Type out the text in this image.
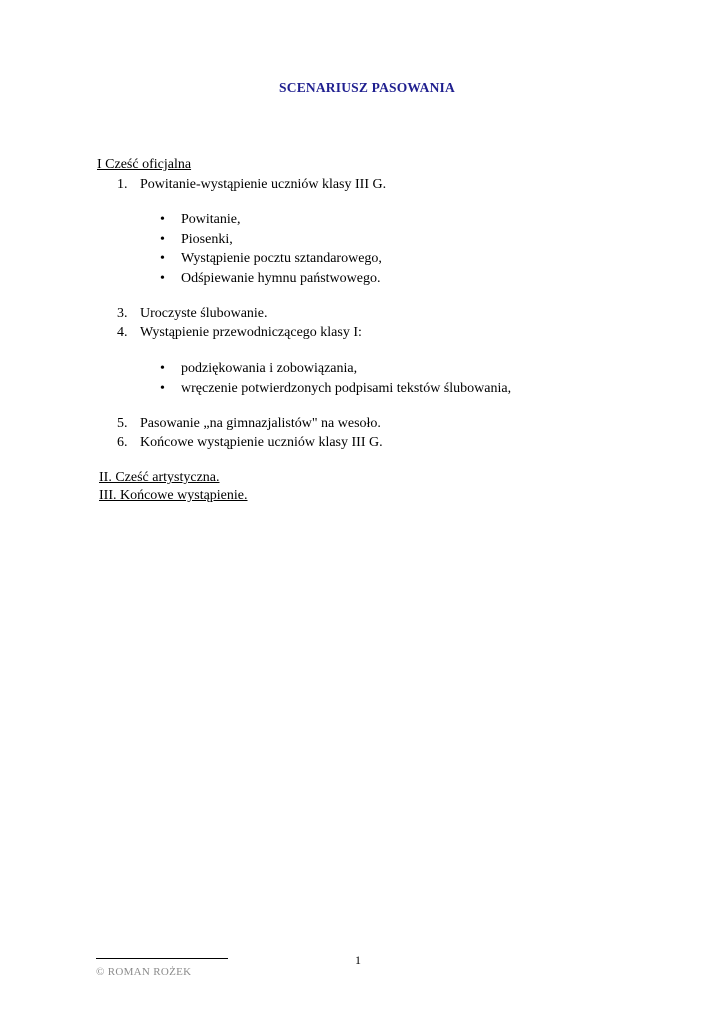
SCENARIUSZ PASOWANIA
I Cześć oficjalna
1. Powitanie-wystąpienie uczniów klasy III G.
• Powitanie,
• Piosenki,
• Wystąpienie pocztu sztandarowego,
• Odśpiewanie hymnu państwowego.
3. Uroczyste ślubowanie.
4. Wystąpienie przewodniczącego klasy I:
• podziękowania i zobowiązania,
• wręczenie potwierdzonych podpisami tekstów ślubowania,
5. Pasowanie „na gimnazjalistów" na wesoło.
6. Końcowe wystąpienie uczniów klasy III G.
II. Cześć artystyczna.
III. Końcowe wystąpienie.
1
© ROMAN ROŻEK
